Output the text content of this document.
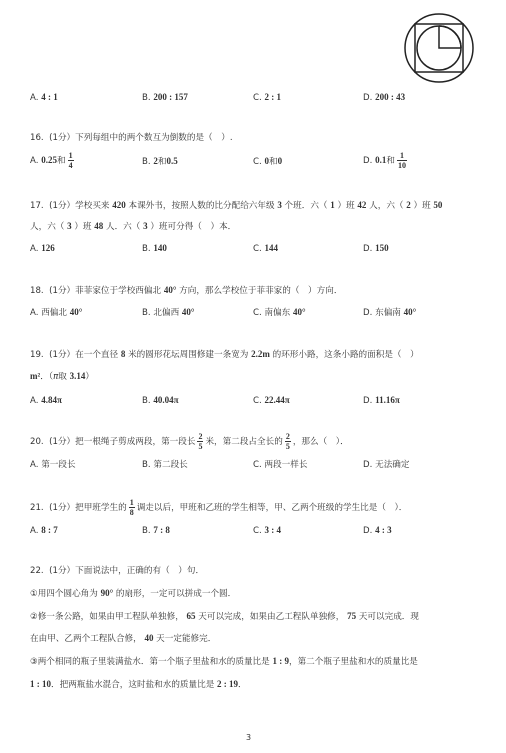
A. 4 : 1	B. 200 : 157	C. 2 : 1	D. 200 : 43
16.  (1分）下列每组中的两个数互为倒数的是（　）.
A. 0.25和 $\frac{1}{4}$	B. 2和0.5	C. 0和0	D. 0.1和 $\frac{1}{10}$
17.  (1分）学校买来 420 本课外书，按照人数的比分配给六年级 3 个班．六（ 1 ）班 42 人，六（ 2 ）班 50
人，六（ 3 ）班 48 人．六（ 3 ）班可分得（　）本．
A. 126	B. 140	C. 144	D. 150
18.  (1分）菲菲家位于学校西偏北 40° 方向，那么学校位于菲菲家的（　）方向．
A. 西偏北 40°	B. 北偏西 40°	C. 南偏东 40°	D. 东偏南 40°
19.  (1分）在一个直径 8 米的圆形花坛周围修建一条宽为 2.2m 的环形小路，这条小路的面积是（　）
m²．（π取 3.14）
A. 4.84π	B. 40.04π	C. 22.44π	D. 11.16π
20.  (1分）把一根绳子剪成两段，第一段长 $\frac{2}{5}$ 米，第二段占全长的 $\frac{2}{5}$ ，那么（　）．
A. 第一段长	B. 第二段长	C. 两段一样长	D. 无法确定
21.  (1分）把甲班学生的 $\frac{1}{8}$ 调走以后，甲班和乙班的学生相等，甲、乙两个班级的学生比是（　）．
A. 8 : 7	B. 7 : 8	C. 3 : 4	D. 4 : 3
22.  (1分）下面说法中，正确的有（　）句．
①用四个圆心角为 90° 的扇形，一定可以拼成一个圆．
②修一条公路，如果由甲工程队单独修， 65 天可以完成，如果由乙工程队单独修， 75 天可以完成．现
在由甲、乙两个工程队合修， 40 天一定能修完．
③两个相同的瓶子里装满盐水．第一个瓶子里盐和水的质量比是 1 : 9，第二个瓶子里盐和水的质量比是
1 : 10．把两瓶盐水混合，这时盐和水的质量比是 2 : 19．
3
